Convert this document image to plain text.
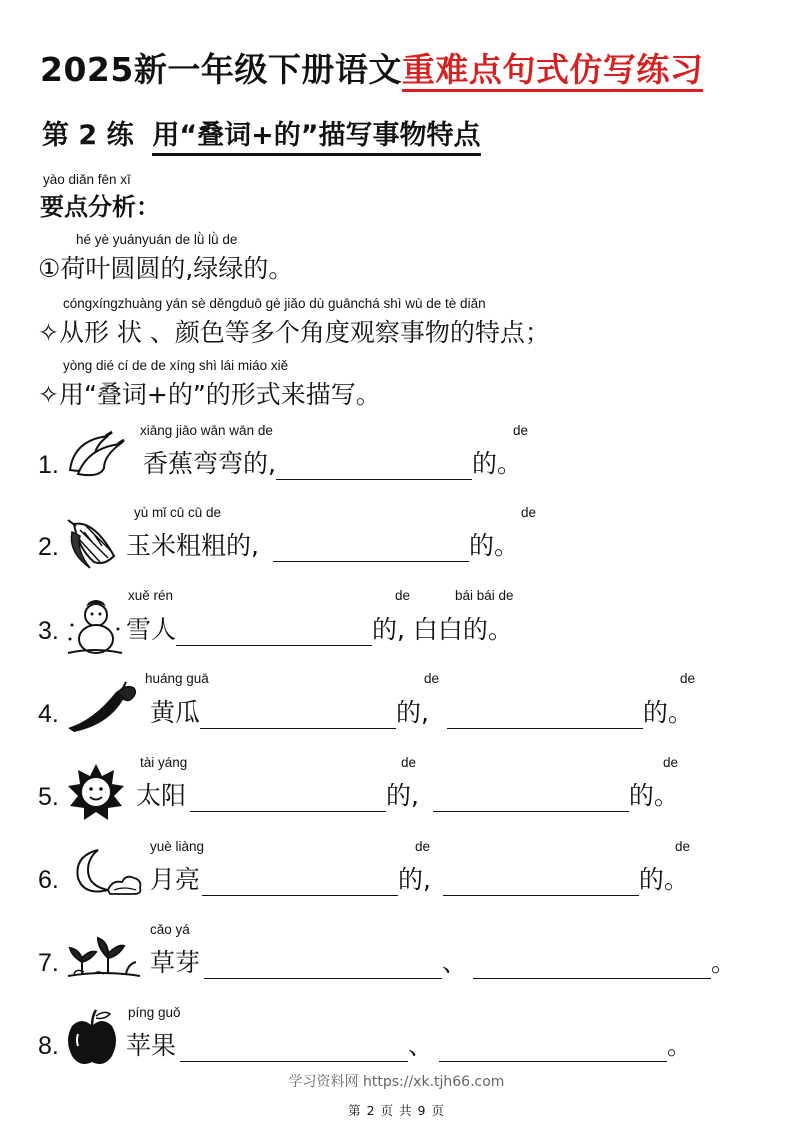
2025新一年级下册语文重难点句式仿写练习
第 2 练 用“叠词+的”描写事物特点
yào diǎn fēn xī
要点分析：
hé yè yuányuán de lǜ lǜ de
①荷叶圆圆的,绿绿的。
cóngxíngzhuàng yán sè děngduō gè jiǎo dù guānchá shì wù de tè diǎn
✧从形 状 、颜色等多个角度观察事物的特点；
yòng dié cí de de xíng shì lái miáo xiě
✧用“叠词+的”的形式来描写。
1.
xiāng jiāo wān wān de	de
香蕉弯弯的,	的。
2.
yù mǐ cū cū de	de
玉米粗粗的,	的。
3.
xuě rén	de	bái bái de
雪人	的, 白白的。
4.
huáng guā	de	de
黄瓜	的,	的。
5.
tài yáng	de	de
太阳	的,	的。
6.
yuè liàng	de	de
月亮	的,	的。
7.
cǎo yá
草芽	、	。
8.
píng guǒ
苹果	、	。
学习资料网 https://xk.tjh66.com
第 2 页 共 9 页
